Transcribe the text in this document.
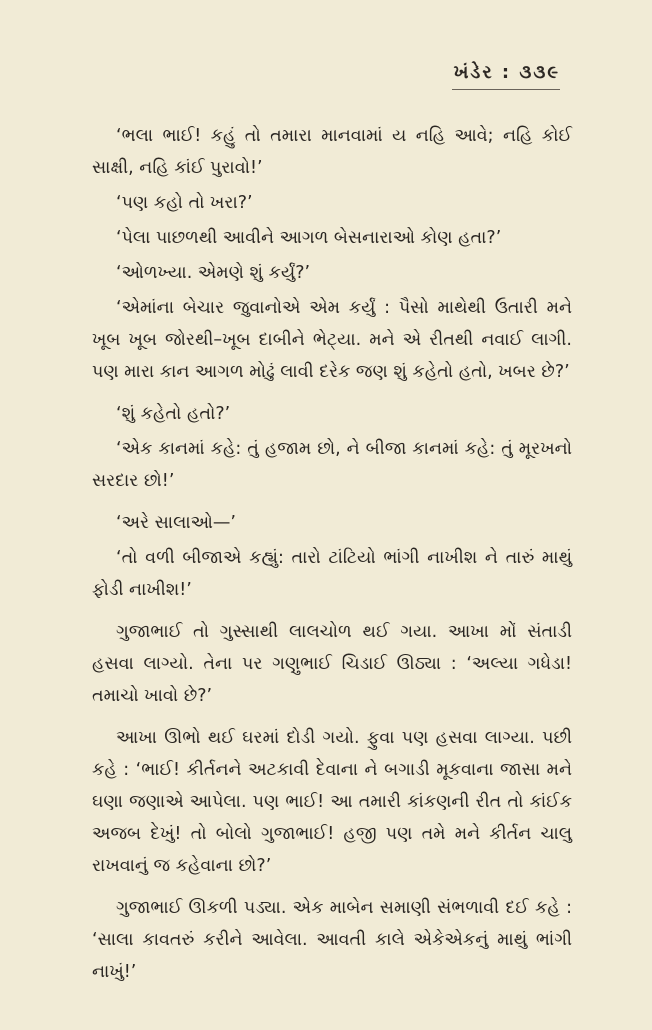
ખંડેર : ૩૩૯

‘ભલા ભાઈ! કહું તો તમારા માનવામાં ય નહિ આવે; નહિ કોઈ સાક્ષી, નહિ કાંઈ પુરાવો!’

‘પણ કહો તો ખરા?’

‘પેલા પાછળથી આવીને આગળ બેસનારાઓ કોણ હતા?’

‘ઓળખ્યા. એમણે શું કર્યું?’

‘એમાંના બેચાર જુવાનોએ એમ કર્યું : પૈસો માથેથી ઉતારી મને ખૂબ ખૂબ જોરથી–ખૂબ દાબીને ભેટ્યા. મને એ રીતથી નવાઈ લાગી. પણ મારા કાન આગળ મોઢું લાવી દરેક જણ શું કહેતો હતો, ખબર છે?’

‘શું કહેતો હતો?’

‘એક કાનમાં કહે: તું હજામ છો, ને બીજા કાનમાં કહે: તું મૂરખનો સરદાર છો!’

‘અરે સાલાઓ—’

‘તો વળી બીજાએ કહ્યું: તારો ટાંટિયો ભાંગી નાખીશ ને તારું માથું ફોડી નાખીશ!’

ગુજાભાઈ તો ગુસ્સાથી લાલચોળ થઈ ગયા. આખા મોં સંતાડી હસવા લાગ્યો. તેના પર ગણુભાઈ ચિડાઈ ઊઠ્યા : ‘અલ્યા ગધેડા! તમાચો ખાવો છે?’

આખા ઊભો થઈ ઘરમાં દોડી ગયો. ફુવા પણ હસવા લાગ્યા. પછી કહે : ‘ભાઈ! કીર્તનને અટકાવી દેવાના ને બગાડી મૂકવાના જાસા મને ઘણા જણાએ આપેલા. પણ ભાઈ! આ તમારી કાંકણની રીત તો કાંઈક અજબ દેખું! તો બોલો ગુજાભાઈ! હજી પણ તમે મને કીર્તન ચાલુ રાખવાનું જ કહેવાના છો?’

ગુજાભાઈ ઊકળી પડ્યા. એક માબેન સમાણી સંભળાવી દઈ કહે : ‘સાલા કાવતરું કરીને આવેલા. આવતી કાલે એકેએકનું માથું ભાંગી નાખું!’
